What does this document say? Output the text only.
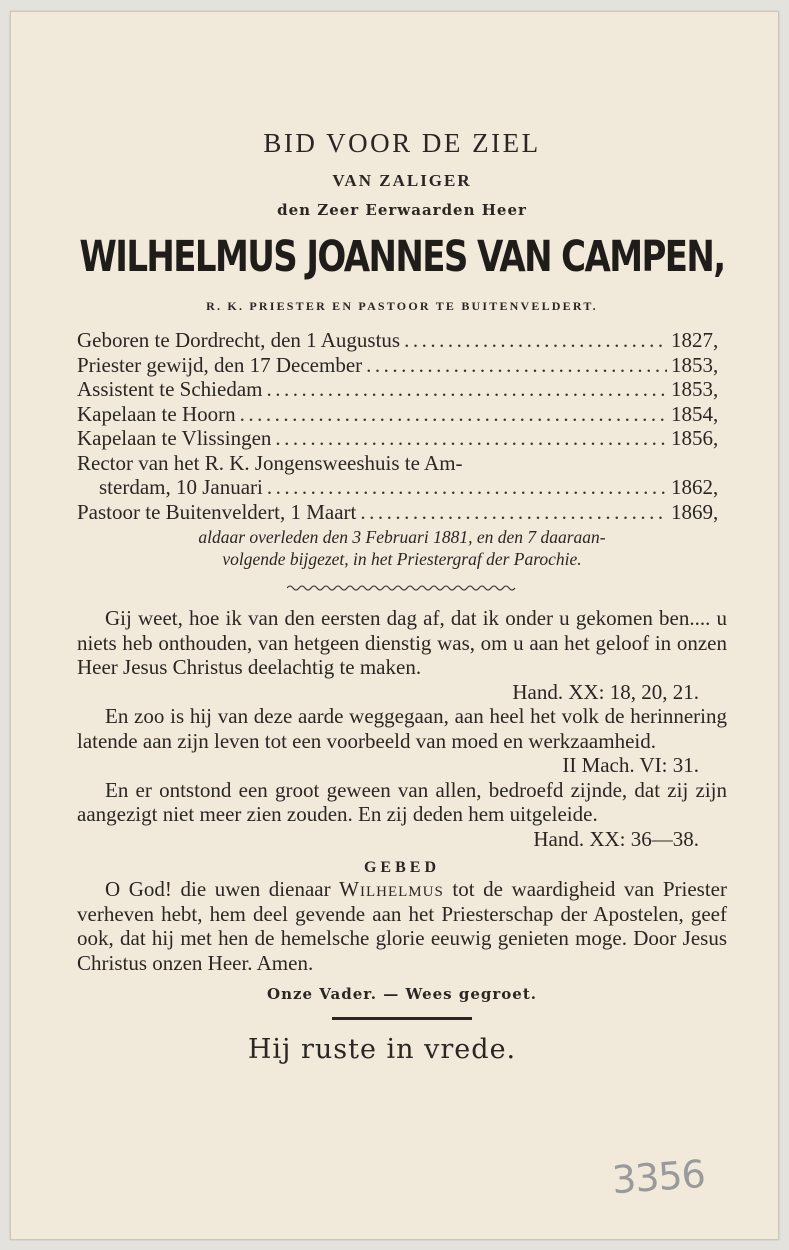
BID VOOR DE ZIEL
VAN ZALIGER
den Zeer Eerwaarden Heer
WILHELMUS JOANNES VAN CAMPEN,
R. K. PRIESTER EN PASTOOR TE BUITENVELDERT.
Geboren te Dordrecht, den 1 Augustus .....	1827 ,
Priester gewijd, den 17 December .....	1853 ,
Assistent te Schiedam .....	1853 ,
Kapelaan te Hoorn .....	1854 ,
Kapelaan te Vlissingen .....	1856 ,
Rector van het R. K. Jongensweeshuis te Am-
sterdam, 10 Januari .....	1862 ,
Pastoor te Buitenveldert, 1 Maart .....	1869 ,
aldaar overleden den 3 Februari 1881, en den 7 daaraan-
volgende bijgezet, in het Priestergraf der Parochie.

Gij weet, hoe ik van den eersten dag af, dat ik onder u gekomen ben.... u niets heb onthouden, van hetgeen dienstig was, om u aan het geloof in onzen Heer Jesus Christus deelachtig te maken.

Hand. XX: 18, 20, 21.

En zoo is hij van deze aarde weggegaan, aan heel het volk de herinnering latende aan zijn leven tot een voorbeeld van moed en werkzaamheid.

II Mach. VI: 31.

En er ontstond een groot geween van allen, bedroefd zijnde, dat zij zijn aangezigt niet meer zien zouden. En zij deden hem uitgeleide.

Hand. XX: 36—38.
GEBED

O God! die uwen dienaar Wilhelmus tot de waardigheid van Priester verheven hebt, hem deel gevende aan het Priesterschap der Apostelen, geef ook, dat hij met hen de hemelsche glorie eeuwig genieten moge. Door Jesus Christus onzen Heer. Amen.

Onze Vader. — Wees gegroet.
Hij ruste in vrede.
3356
